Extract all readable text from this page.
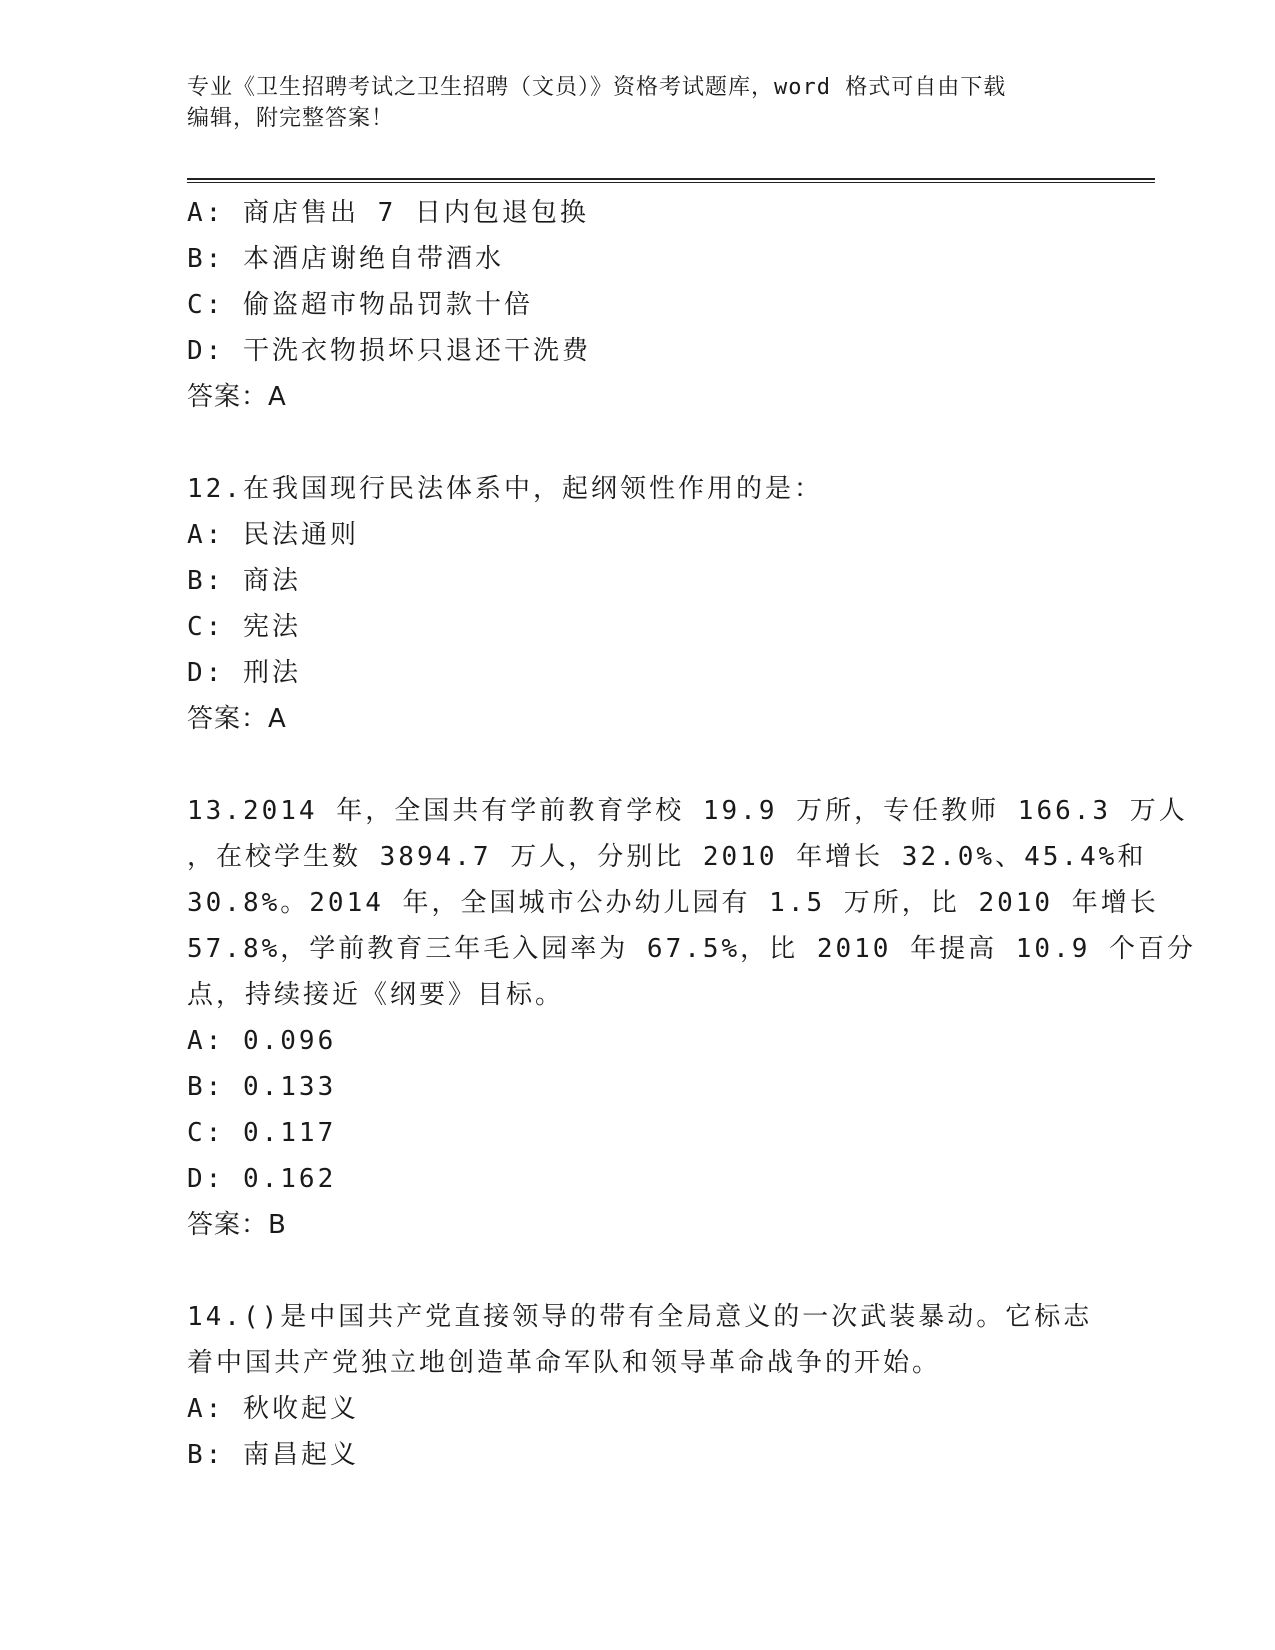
专业《卫生招聘考试之卫生招聘（文员）》资格考试题库，word 格式可自由下载
编辑，附完整答案！
A: 商店售出 7 日内包退包换
B: 本酒店谢绝自带酒水
C: 偷盗超市物品罚款十倍
D: 干洗衣物损坏只退还干洗费
答案：A
12.在我国现行民法体系中，起纲领性作用的是：
A: 民法通则
B: 商法
C: 宪法
D: 刑法
答案：A
13.2014 年，全国共有学前教育学校 19.9 万所，专任教师 166.3 万人
，在校学生数 3894.7 万人，分别比 2010 年增长 32.0%、45.4%和
30.8%。2014 年，全国城市公办幼儿园有 1.5 万所，比 2010 年增长
57.8%，学前教育三年毛入园率为 67.5%，比 2010 年提高 10.9 个百分
点，持续接近《纲要》目标。
A: 0.096
B: 0.133
C: 0.117
D: 0.162
答案：B
14.()是中国共产党直接领导的带有全局意义的一次武装暴动。它标志
着中国共产党独立地创造革命军队和领导革命战争的开始。
A: 秋收起义
B: 南昌起义
